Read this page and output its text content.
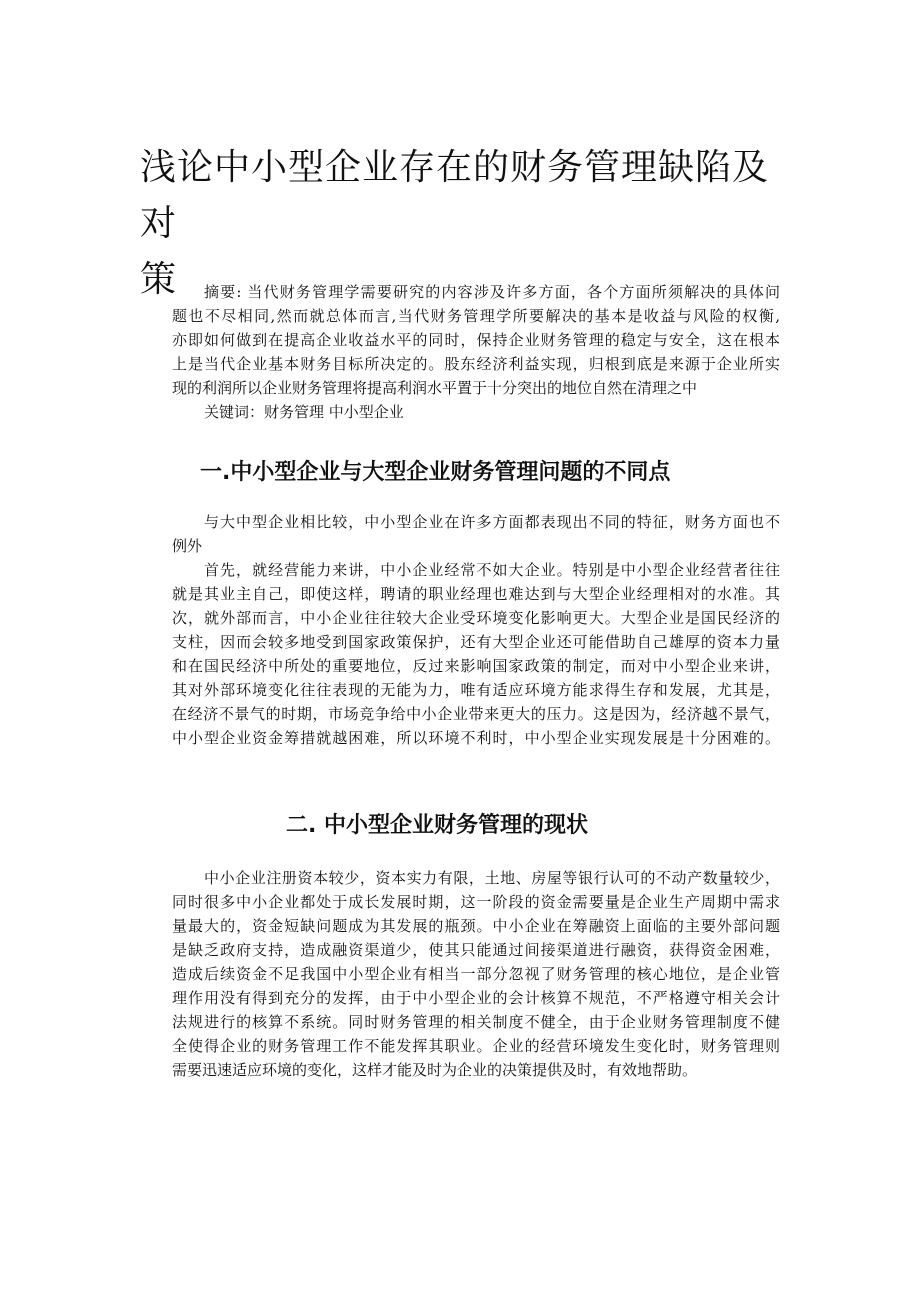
浅论中小型企业存在的财务管理缺陷及对
策	摘要: 当代财务管理学需要研究的内容涉及许多方面，各个方面所须解决的具体问
题也不尽相同,然而就总体而言,当代财务管理学所要解决的基本是收益与风险的权衡,
亦即如何做到在提高企业收益水平的同时，保持企业财务管理的稳定与安全，这在根本
上是当代企业基本财务目标所决定的。股东经济利益实现，归根到底是来源于企业所实
现的利润所以企业财务管理将提高利润水平置于十分突出的地位自然在清理之中
关键词：财务管理 中小型企业
一.中小型企业与大型企业财务管理问题的不同点
与大中型企业相比较，中小型企业在许多方面都表现出不同的特征，财务方面也不
例外
首先，就经营能力来讲，中小企业经常不如大企业。特别是中小型企业经营者往往
就是其业主自己，即使这样，聘请的职业经理也难达到与大型企业经理相对的水准。其
次，就外部而言，中小企业往往较大企业受环境变化影响更大。大型企业是国民经济的
支柱，因而会较多地受到国家政策保护，还有大型企业还可能借助自己雄厚的资本力量
和在国民经济中所处的重要地位，反过来影响国家政策的制定，而对中小型企业来讲，
其对外部环境变化往往表现的无能为力，唯有适应环境方能求得生存和发展，尤其是，
在经济不景气的时期，市场竞争给中小企业带来更大的压力。这是因为，经济越不景气，
中小型企业资金筹措就越困难，所以环境不利时，中小型企业实现发展是十分困难的。
二. 中小型企业财务管理的现状
中小企业注册资本较少，资本实力有限，土地、房屋等银行认可的不动产数量较少，
同时很多中小企业都处于成长发展时期，这一阶段的资金需要量是企业生产周期中需求
量最大的，资金短缺问题成为其发展的瓶颈。中小企业在筹融资上面临的主要外部问题
是缺乏政府支持，造成融资渠道少，使其只能通过间接渠道进行融资，获得资金困难，
造成后续资金不足我国中小型企业有相当一部分忽视了财务管理的核心地位，是企业管
理作用没有得到充分的发挥，由于中小型企业的会计核算不规范，不严格遵守相关会计
法规进行的核算不系统。同时财务管理的相关制度不健全，由于企业财务管理制度不健
全使得企业的财务管理工作不能发挥其职业。企业的经营环境发生变化时，财务管理则
需要迅速适应环境的变化，这样才能及时为企业的决策提供及时，有效地帮助。
